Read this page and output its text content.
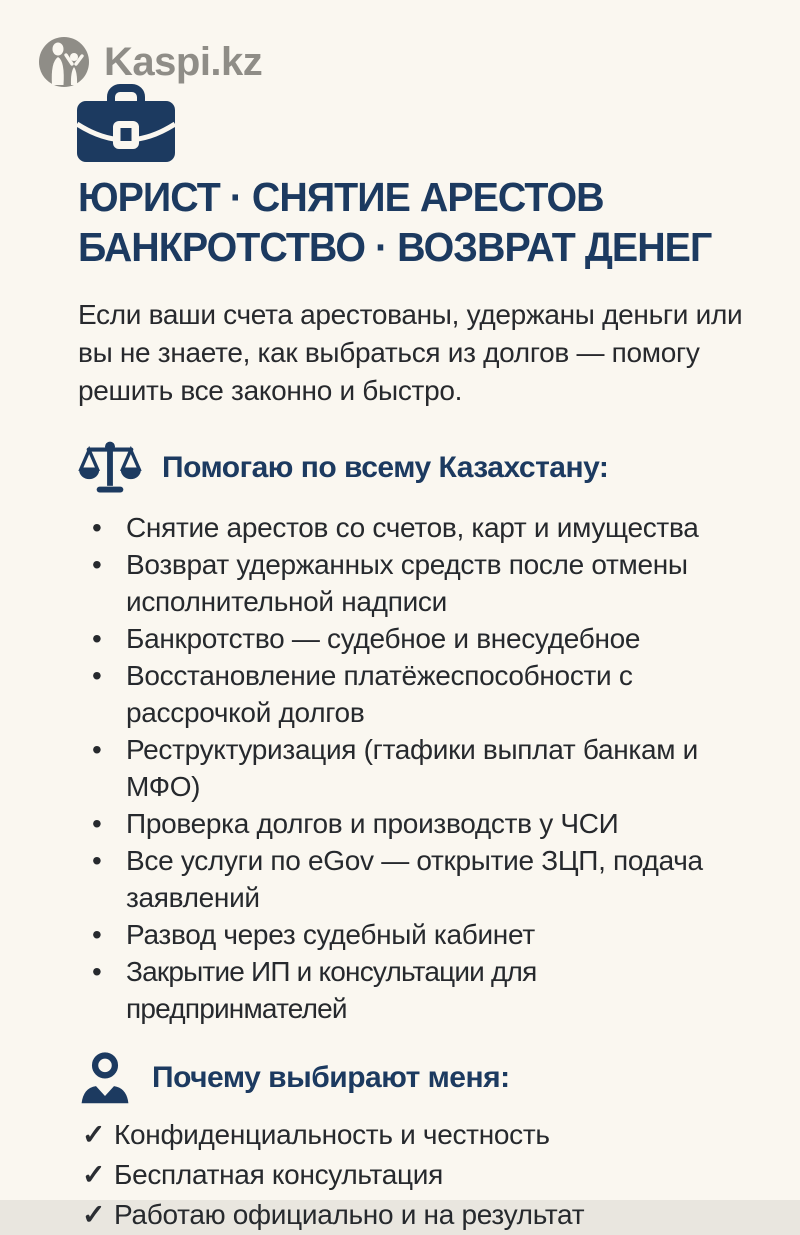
Kaspi.kz
ЮРИСТ · СНЯТИЕ АРЕСТОВ
БАНКРОТСТВО · ВОЗВРАТ ДЕНЕГ

Если ваши счета арестованы, удержаны деньги или вы не знаете, как выбраться из долгов — помогу решить все законно и быстро.

Помогаю по всему Казахстану:
• Снятие арестов со счетов, карт и имущества
• Возврат удержанных средств после отмены исполнительной надписи
• Банкротство — судебное и внесудебное
• Восстановление платёжеспособности с рассрочкой долгов
• Реструктуризация (гтафики выплат банкам и МФО)
• Проверка долгов и производств у ЧСИ
• Все услуги по eGov — открытие ЗЦП, подача заявлений
• Развод через судебный кабинет
• Закрытие ИП и консультации для предпринмателей
Почему выбирают меня:
✓ Конфиденциальность и честность
✓ Бесплатная консультация
✓ Работаю официально и на результат
